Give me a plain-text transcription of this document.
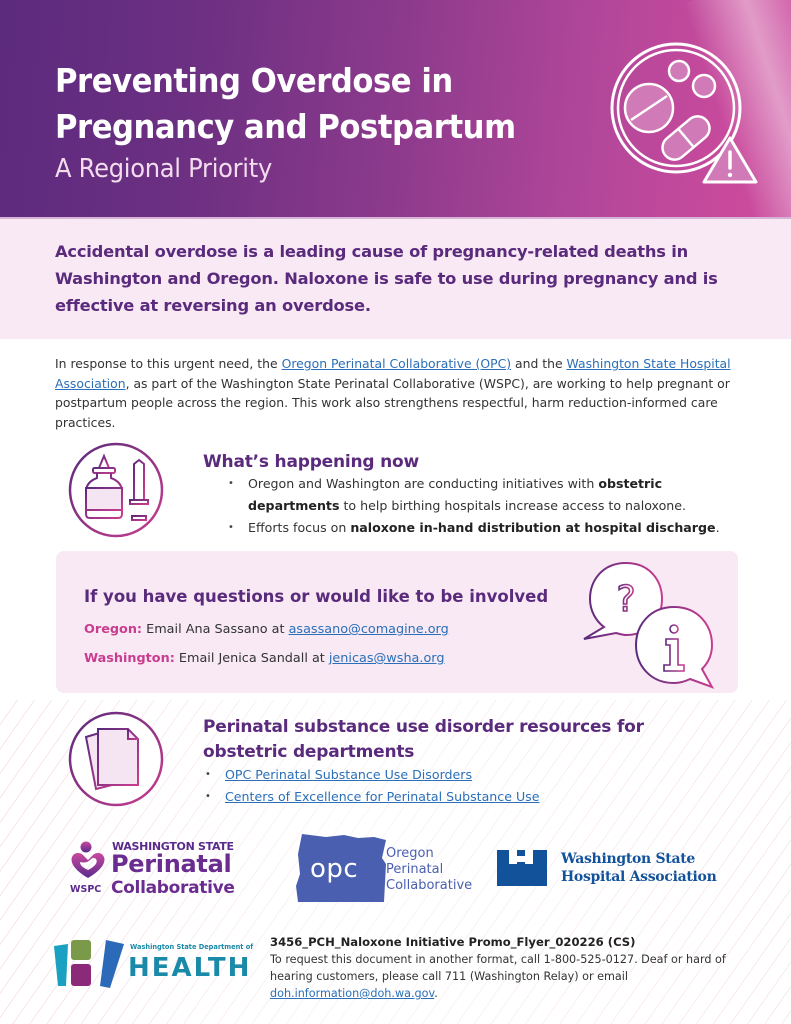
Preventing Overdose in
Pregnancy and Postpartum
A Regional Priority

Accidental overdose is a leading cause of pregnancy-related deaths in Washington and Oregon. Naloxone is safe to use during pregnancy and is effective at reversing an overdose.

In response to this urgent need, the Oregon Perinatal Collaborative (OPC) and the Washington State Hospital Association, as part of the Washington State Perinatal Collaborative (WSPC), are working to help pregnant or postpartum people across the region. This work also strengthens respectful, harm reduction-informed care practices.

What’s happening now
• Oregon and Washington are conducting initiatives with obstetric departments to help birthing hospitals increase access to naloxone.
• Efforts focus on naloxone in-hand distribution at hospital discharge.
If you have questions or would like to be involved
Oregon: Email Ana Sassano at asassano@comagine.org
Washington: Email Jenica Sandall at jenicas@wsha.org
?
Perinatal substance use disorder resources for
obstetric departments
• OPC Perinatal Substance Use Disorders
• Centers of Excellence for Perinatal Substance Use
WSPC
WASHINGTON STATE
Perinatal
Collaborative
opc
Oregon
Perinatal
Collaborative
Washington State
Hospital Association
Washington State Department of
HEALTH
3456_PCH_Naloxone Initiative Promo_Flyer_020226 (CS)
To request this document in another format, call 1-800-525-0127. Deaf or hard of hearing customers, please call 711 (Washington Relay) or email doh.information@doh.wa.gov.
